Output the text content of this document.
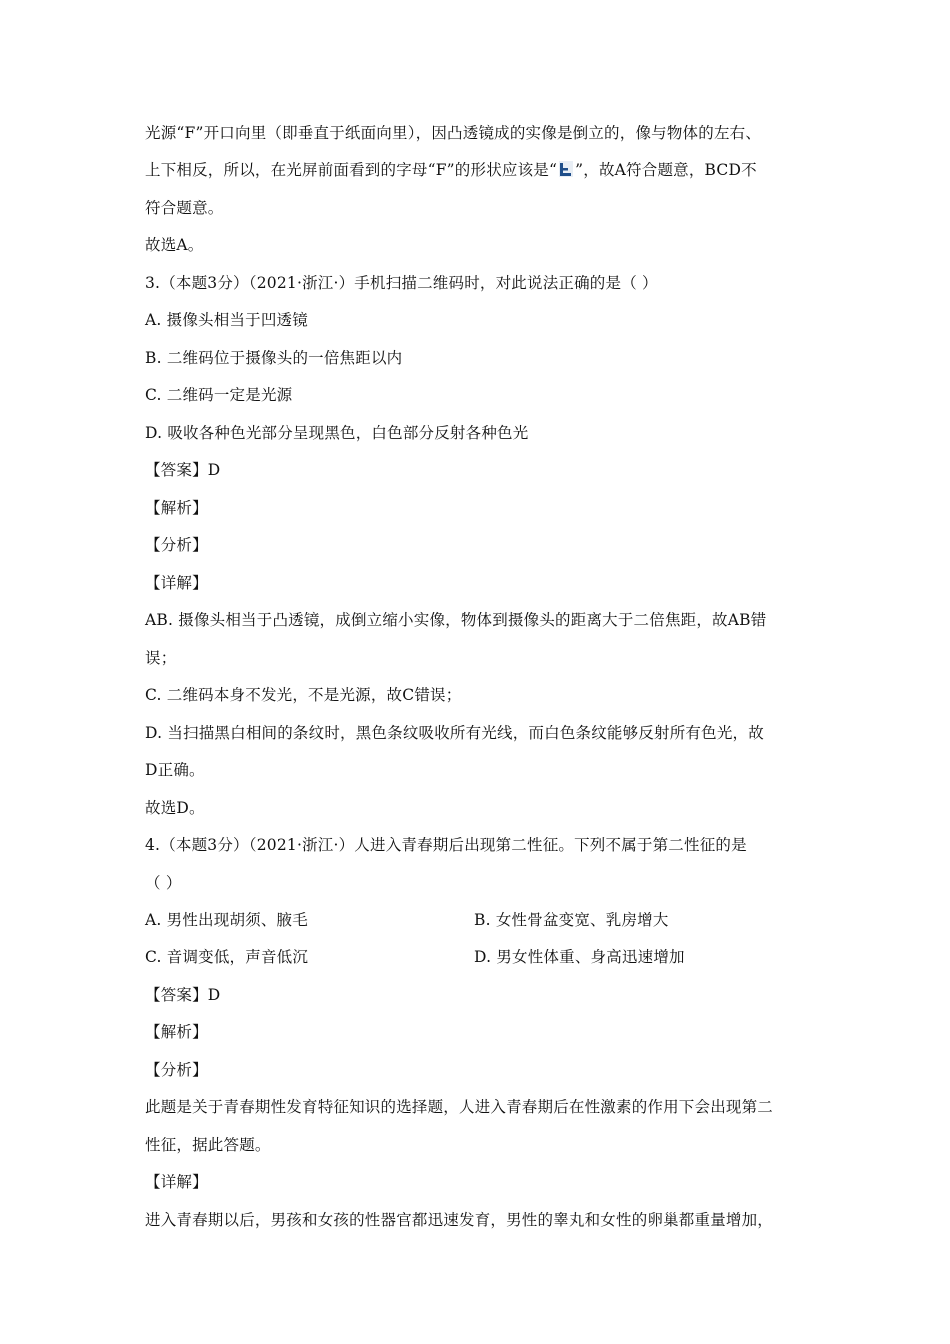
光源“F”开口向里（即垂直于纸面向里），因凸透镜成的实像是倒立的，像与物体的左右、
上下相反，所以，在光屏前面看到的字母“F”的形状应该是“ ”，故A符合题意，BCD不
符合题意。
故选A。
3.（本题3分）（2021·浙江·）手机扫描二维码时，对此说法正确的是（ ）
A. 摄像头相当于凹透镜
B. 二维码位于摄像头的一倍焦距以内
C. 二维码一定是光源
D. 吸收各种色光部分呈现黑色，白色部分反射各种色光
【答案】D
【解析】
【分析】
【详解】
AB. 摄像头相当于凸透镜，成倒立缩小实像，物体到摄像头的距离大于二倍焦距，故AB错
误；
C. 二维码本身不发光，不是光源，故C错误；
D. 当扫描黑白相间的条纹时，黑色条纹吸收所有光线，而白色条纹能够反射所有色光，故
D正确。
故选D。
4.（本题3分）（2021·浙江·）人进入青春期后出现第二性征。下列不属于第二性征的是
（ ）
A. 男性出现胡须、腋毛	B. 女性骨盆变宽、乳房增大
C. 音调变低，声音低沉	D. 男女性体重、身高迅速增加
【答案】D
【解析】
【分析】
此题是关于青春期性发育特征知识的选择题，人进入青春期后在性激素的作用下会出现第二
性征，据此答题。
【详解】
进入青春期以后，男孩和女孩的性器官都迅速发育，男性的睾丸和女性的卵巢都重量增加，
